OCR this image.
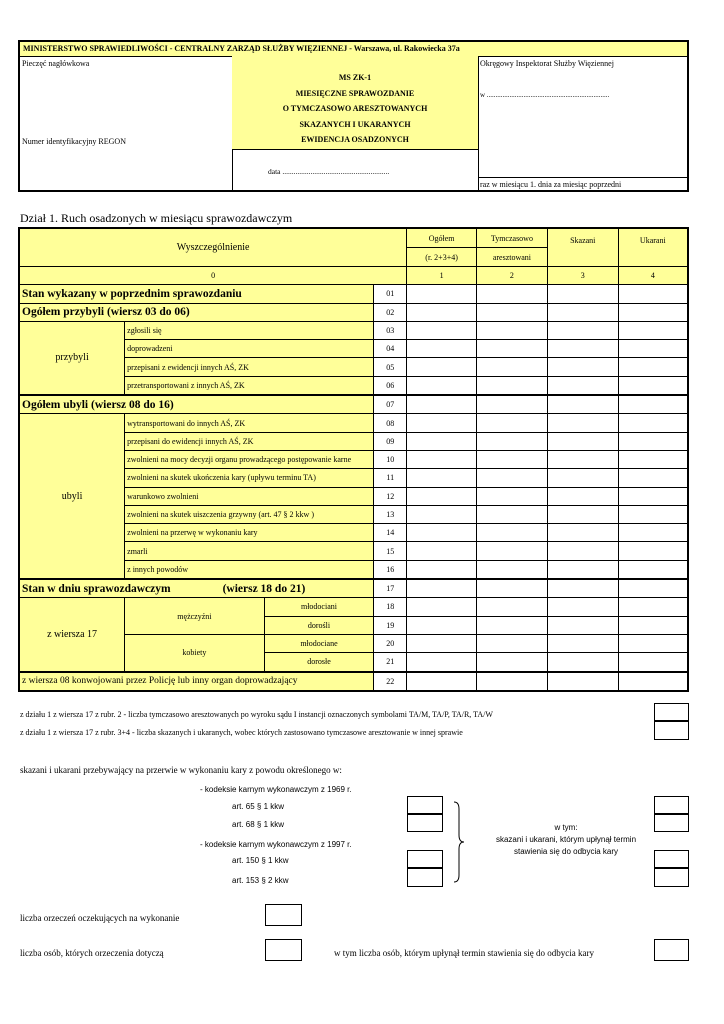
MINISTERSTWO SPRAWIEDLIWOŚCI - CENTRALNY ZARZĄD SŁUŻBY WIĘZIENNEJ - Warszawa, ul. Rakowiecka 37a
Pieczęć nagłówkowa
Numer identyfikacyjny REGON
MS ZK-1
MIESIĘCZNE SPRAWOZDANIE
O TYMCZASOWO ARESZTOWANYCH
SKAZANYCH I UKARANYCH
EWIDENCJA OSADZONYCH
data .........................................................
Okręgowy Inspektorat Służby Więziennej
w ......................................................................
raz w miesiącu 1. dnia za miesiąc poprzedni
Dział 1. Ruch osadzonych w miesiącu sprawozdawczym
Wyszczególnienie				Ogółem	Tymczasowo	Skazani	Ukarani
				(r. 2+3+4)	aresztowani		
0				1	2	3	4
Stan wykazany w poprzednim sprawozdaniu			01				
Ogółem przybyli (wiersz 03 do 06)			02				
przybyli	zgłosili się		03				
	doprowadzeni		04				
	przepisani z ewidencji innych AŚ, ZK		05				
	przetransportowani z innych AŚ, ZK		06				
Ogółem ubyli (wiersz 08 do 16)			07				
ubyli	wytransportowani do innych AŚ, ZK		08				
	przepisani do ewidencji innych AŚ, ZK		09				
	zwolnieni na mocy decyzji organu prowadzącego postępowanie karne		10				
	zwolnieni na skutek ukończenia kary (upływu terminu TA)		11				
	warunkowo zwolnieni		12				
	zwolnieni na skutek uiszczenia grzywny (art. 47 § 2 kkw )		13				
	zwolnieni na przerwę w wykonaniu kary		14				
	zmarli		15				
	z innych powodów		16				
Stan w dniu sprawozdawczym (wiersz 18 do 21)			17				
z wiersza 17	mężczyźni	młodociani	18				
		dorośli	19				
	kobiety	młodociane	20				
		dorosłe	21				
z wiersza 08 konwojowani przez Policję lub inny organ doprowadzający			22				
z działu 1 z wiersza 17 z rubr. 2 - liczba tymczasowo aresztowanych po wyroku sądu I instancji oznaczonych symbolami TA/M, TA/P, TA/R, TA/W
z działu 1 z wiersza 17 z rubr. 3+4 - liczba skazanych i ukaranych, wobec których zastosowano tymczasowe aresztowanie w innej sprawie
skazani i ukarani przebywający na przerwie w wykonaniu kary z powodu określonego w:
- kodeksie karnym wykonawczym z 1969 r.
art. 65 § 1 kkw
art. 68 § 1 kkw
- kodeksie karnym wykonawczym z 1997 r.
art. 150 § 1 kkw
art. 153 § 2 kkw
w tym:
skazani i ukarani, którym upłynął termin
stawienia się do odbycia kary
liczba orzeczeń oczekujących na wykonanie
liczba osób, których orzeczenia dotyczą	w tym liczba osób, którym upłynął termin stawienia się do odbycia kary
